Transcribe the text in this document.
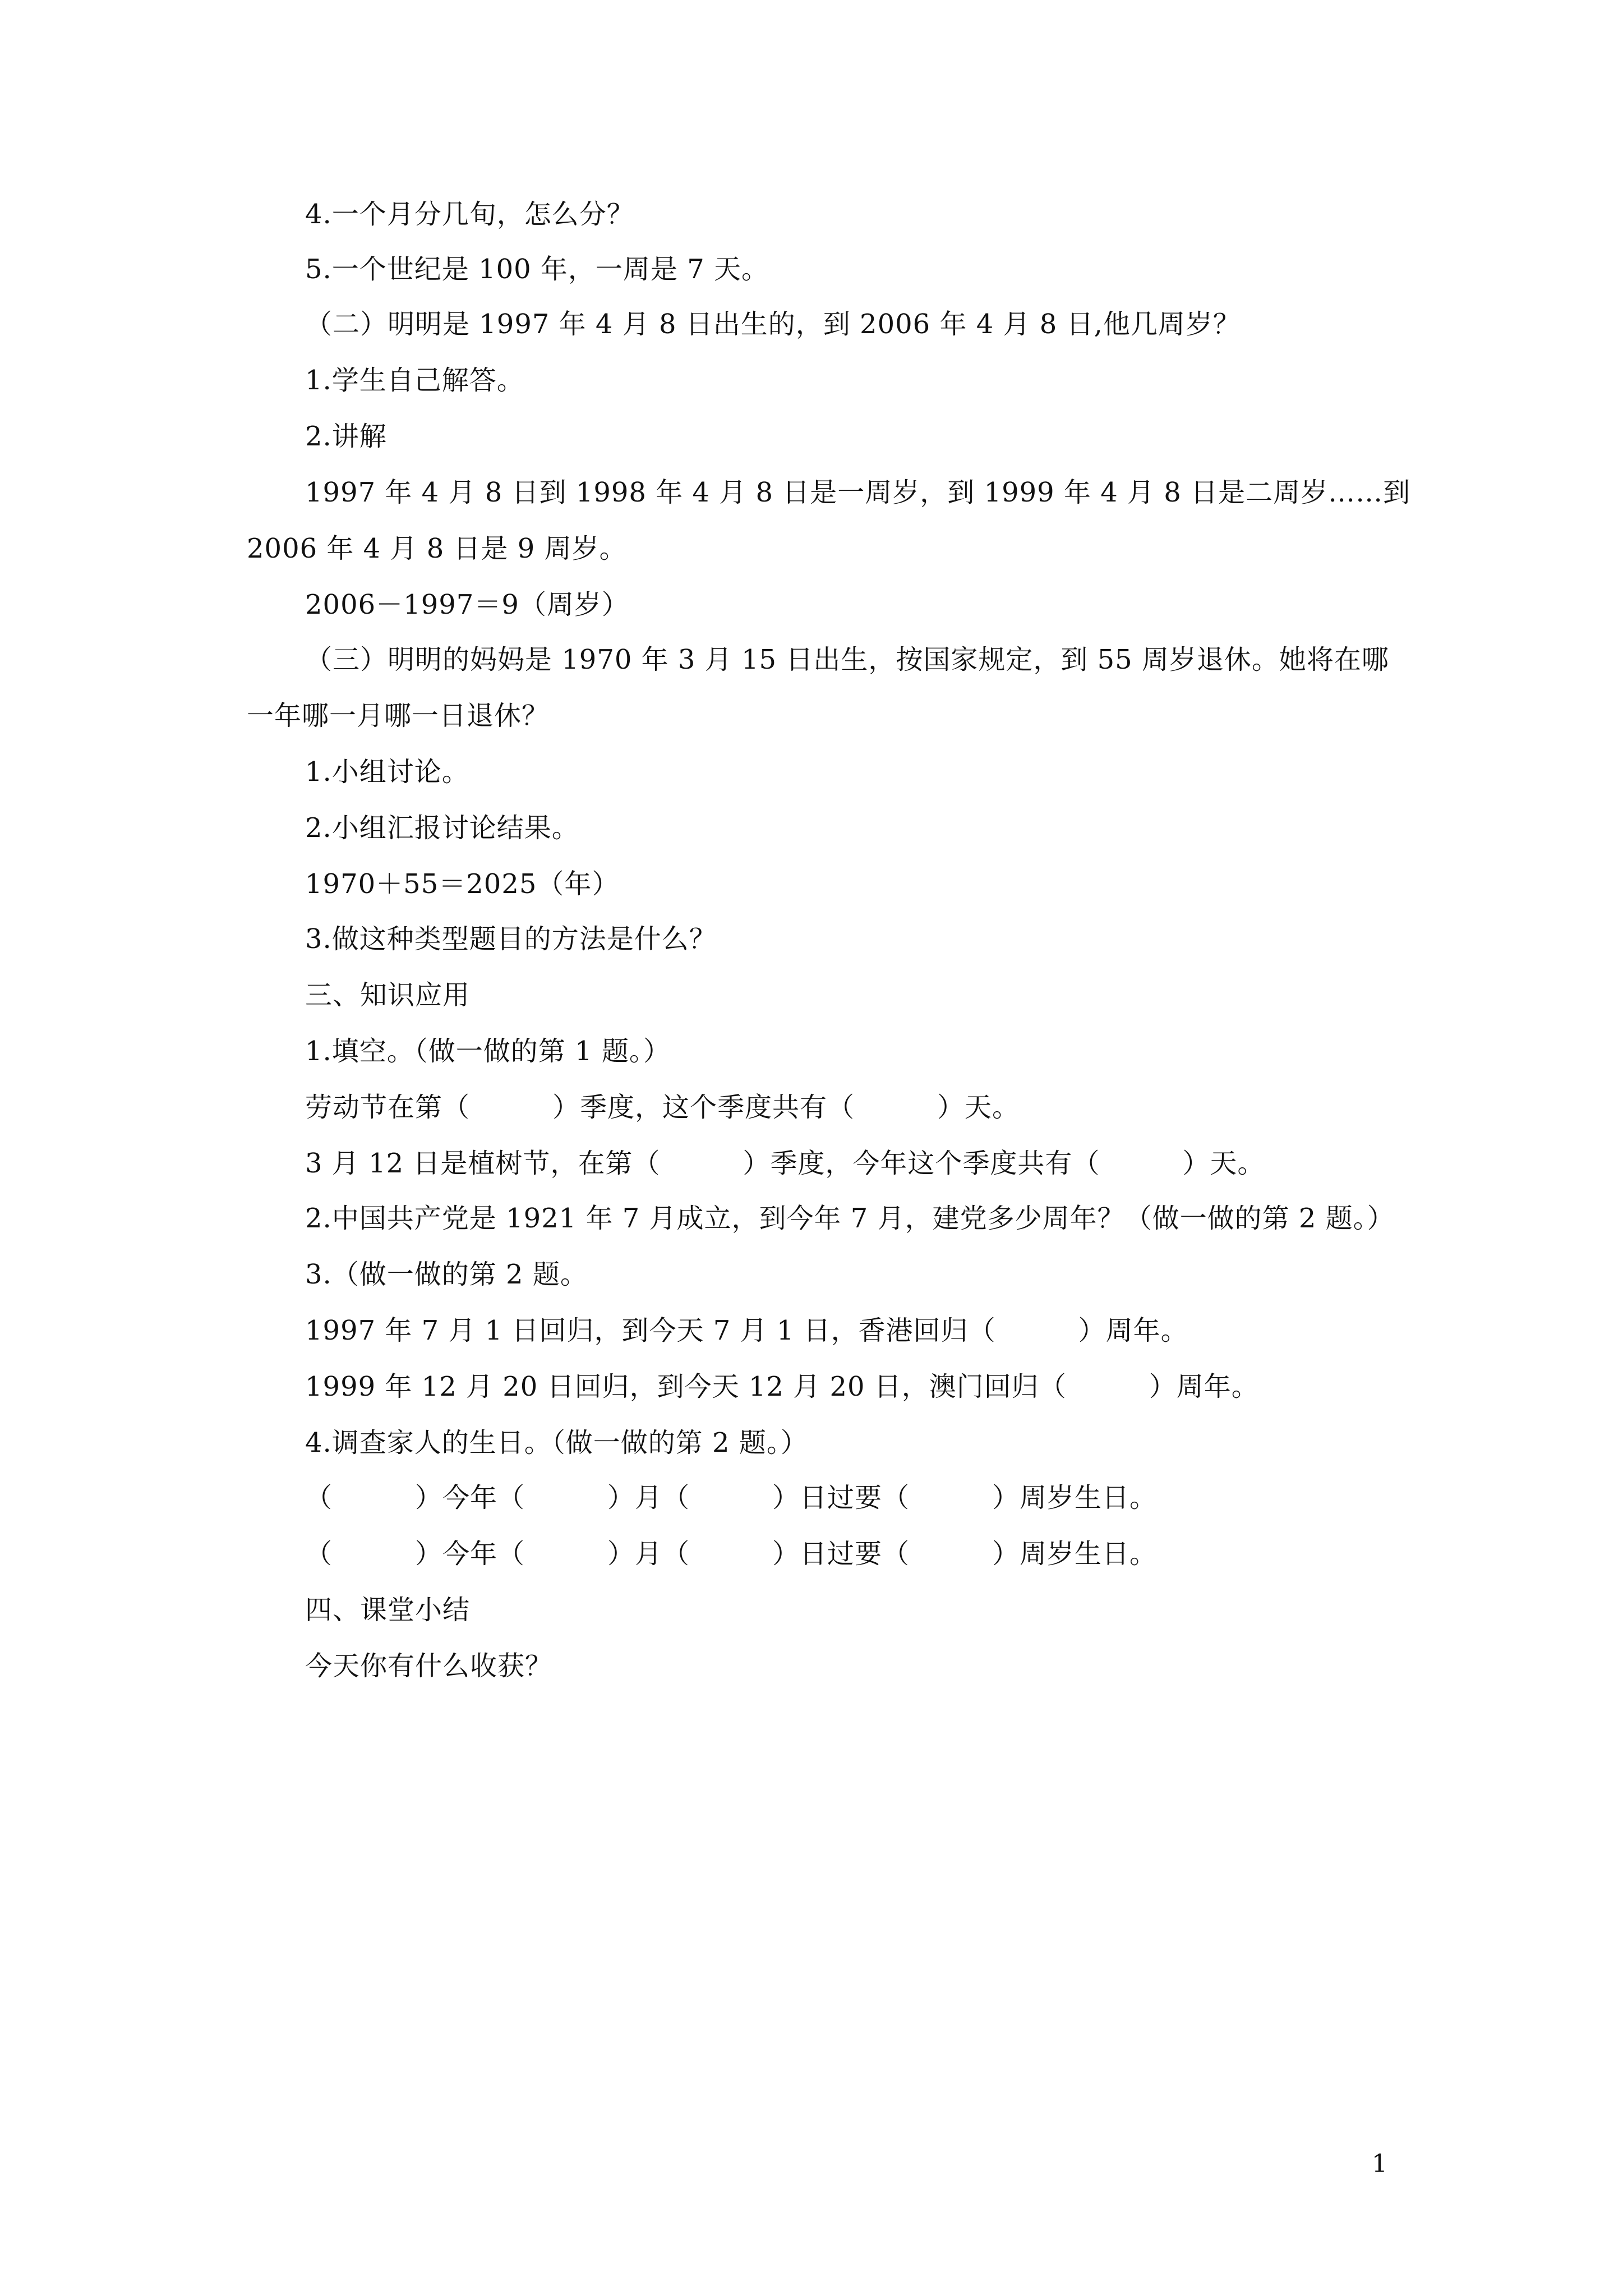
4.一个月分几旬，怎么分？
5.一个世纪是 100 年，一周是 7 天。
（二）明明是 1997 年 4 月 8 日出生的，到 2006 年 4 月 8 日,他几周岁？
1.学生自己解答。
2.讲解
1997 年 4 月 8 日到 1998 年 4 月 8 日是一周岁，到 1999 年 4 月 8 日是二周岁……到
2006 年 4 月 8 日是 9 周岁。
2006－1997＝9（周岁）
（三）明明的妈妈是 1970 年 3 月 15 日出生，按国家规定，到 55 周岁退休。她将在哪
一年哪一月哪一日退休？
1.小组讨论。
2.小组汇报讨论结果。
1970＋55＝2025（年）
3.做这种类型题目的方法是什么？
三、知识应用
1.填空。（做一做的第 1 题。）
劳动节在第（　　　）季度，这个季度共有（　　　）天。
3 月 12 日是植树节，在第（　　　）季度，今年这个季度共有（　　　）天。
2.中国共产党是 1921 年 7 月成立，到今年 7 月，建党多少周年？（做一做的第 2 题。）
3.（做一做的第 2 题。
1997 年 7 月 1 日回归，到今天 7 月 1 日，香港回归（　　　）周年。
1999 年 12 月 20 日回归，到今天 12 月 20 日，澳门回归（　　　）周年。
4.调查家人的生日。（做一做的第 2 题。）
（　　　）今年（　　　）月（　　　）日过要（　　　）周岁生日。
（　　　）今年（　　　）月（　　　）日过要（　　　）周岁生日。
四、课堂小结
今天你有什么收获？
1
